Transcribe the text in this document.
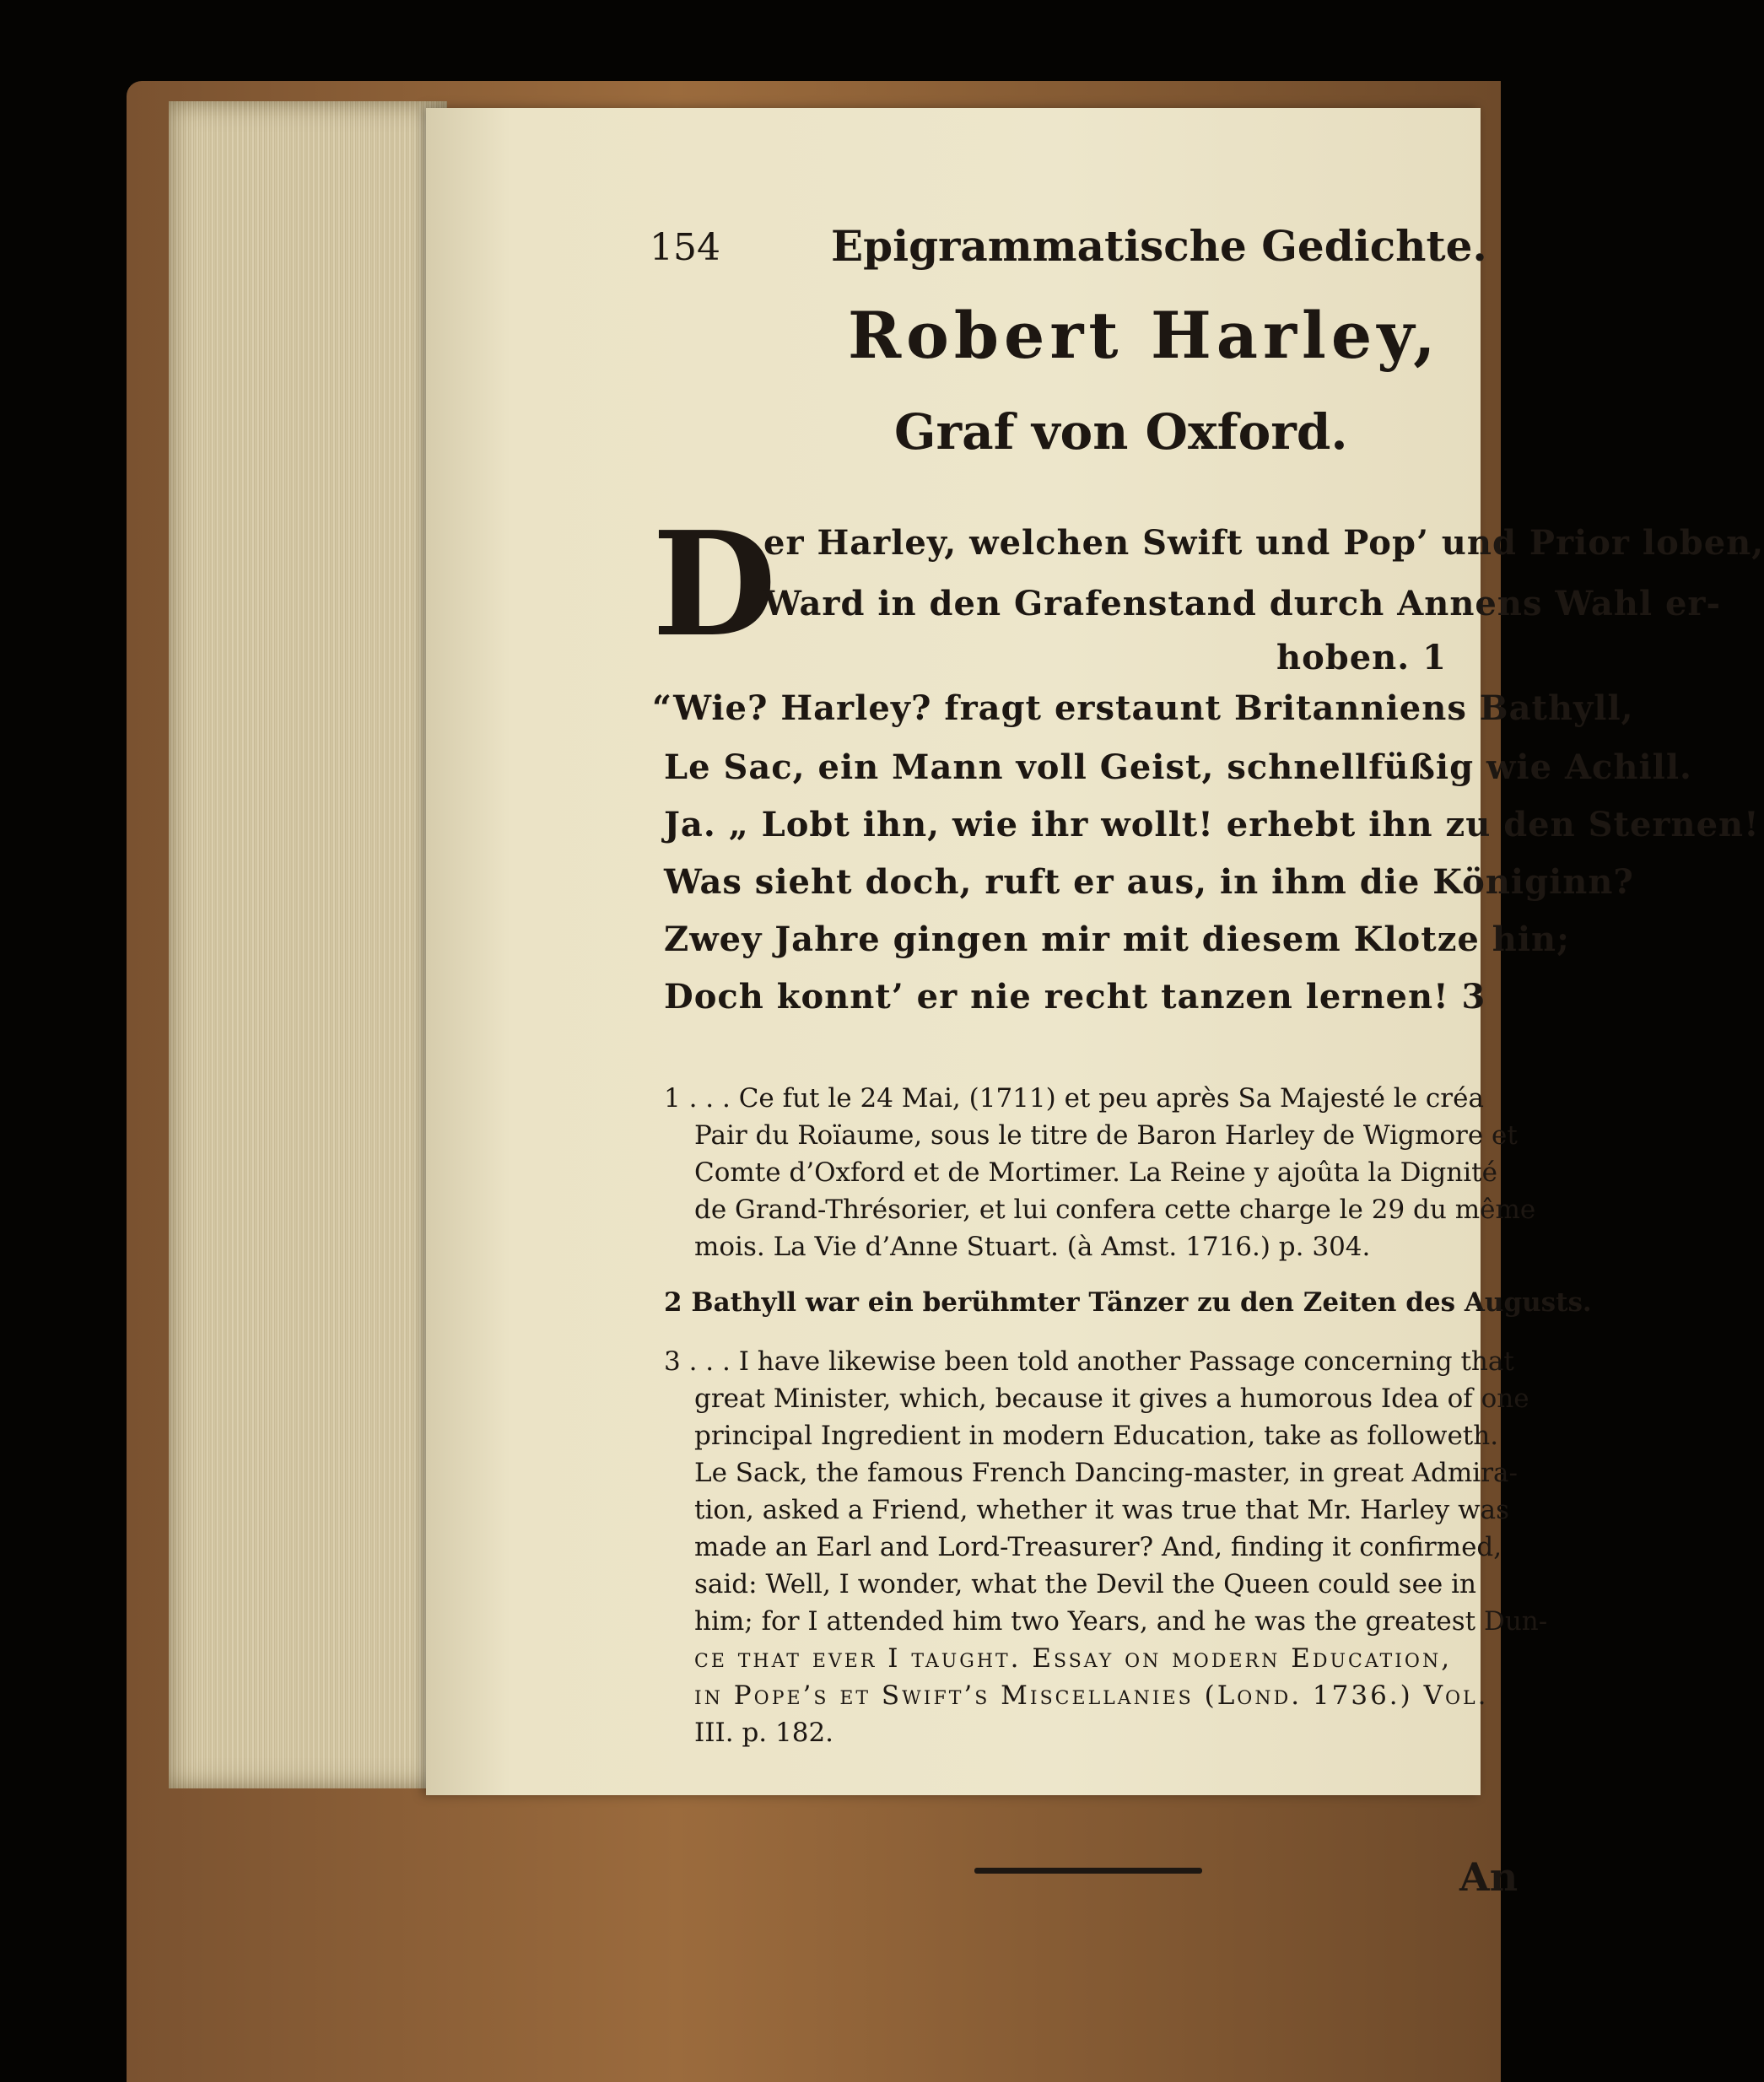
154	Epigrammatische Gedichte.
Robert Harley,
Graf von Oxford.
D
er Harley, welchen Swift und Pop’ und Prior loben,
Ward in den Grafenstand durch Annens Wahl er-
hoben. 1
“Wie? Harley? fragt erstaunt Britanniens Bathyll,
Le Sac, ein Mann voll Geist, schnellfüßig wie Achill.
Ja. „ Lobt ihn, wie ihr wollt! erhebt ihn zu den Sternen!
Was sieht doch, ruft er aus, in ihm die Königinn?
Zwey Jahre gingen mir mit diesem Klotze hin;
Doch konnt’ er nie recht tanzen lernen! 3
1 . . . Ce fut le 24 Mai, (1711) et peu après Sa Majesté le créa
Pair du Roïaume, sous le titre de Baron Harley de Wigmore et
Comte d’Oxford et de Mortimer. La Reine y ajoûta la Dignité
de Grand-Thrésorier, et lui confera cette charge le 29 du même
mois. La Vie d’Anne Stuart. (à Amst. 1716.) p. 304.
2 Bathyll war ein berühmter Tänzer zu den Zeiten des Augusts.
3 . . . I have likewise been told another Passage concerning that
great Minister, which, because it gives a humorous Idea of one
principal Ingredient in modern Education, take as followeth.
Le Sack, the famous French Dancing-master, in great Admira-
tion, asked a Friend, whether it was true that Mr. Harley was
made an Earl and Lord-Treasurer? And, finding it confirmed,
said: Well, I wonder, what the Devil the Queen could see in
him; for I attended him two Years, and he was the greatest Dun-
ce that ever I taught. Essay on modern Education,
in Pope’s et Swift’s Miscellanies (Lond. 1736.) Vol.
III. p. 182.
An
